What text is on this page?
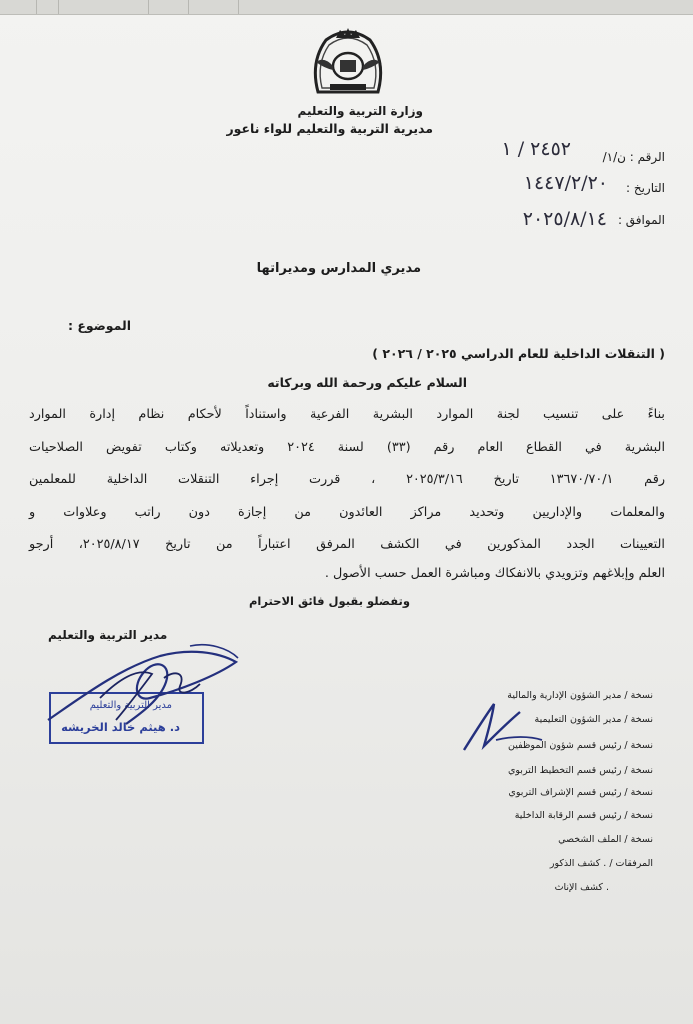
وزارة التربية والتعليم
مديرية التربية والتعليم للواء ناعور
الرقم : ن/١/
٢٤٥٢ / ١
التاريخ :
١٤٤٧/٢/٢٠
الموافق :
٢٠٢٥/٨/١٤
مديري المدارس ومديراتها
الموضوع :
( التنقلات الداخلية للعام الدراسي ٢٠٢٥ / ٢٠٢٦ )
السلام عليكم ورحمة الله وبركاته
بناءً على تنسيب لجنة الموارد البشرية الفرعية واستناداً لأحكام نظام إدارة الموارد
البشرية في القطاع العام رقم (٣٣) لسنة ٢٠٢٤ وتعديلاته وكتاب تفويض الصلاحيات
رقم ١٣٦٧٠/٧٠/١ تاريخ ٢٠٢٥/٣/١٦ ، قررت إجراء التنقلات الداخلية للمعلمين
والمعلمات والإداريين وتحديد مراكز العائدون من إجازة دون راتب وعلاوات و
التعيينات الجدد المذكورين في الكشف المرفق اعتباراً من تاريخ ٢٠٢٥/٨/١٧، أرجو
العلم وإبلاغهم وتزويدي بالانفكاك ومباشرة العمل حسب الأصول .
وتفضلو بقبول فائق الاحترام
مدير التربية والتعليم
مدير التربية والتعليم
د. هيثم خالد الخريشه
نسخة / مدير الشؤون الإدارية والمالية
نسخة / مدير الشؤون التعليمية
نسخة / رئيس قسم شؤون الموظفين
نسخة / رئيس قسم التخطيط التربوي
نسخة / رئيس قسم الإشراف التربوي
نسخة / رئيس قسم الرقابة الداخلية
نسخة / الملف الشخصي
المرفقات / . كشف الذكور
. كشف الإناث
